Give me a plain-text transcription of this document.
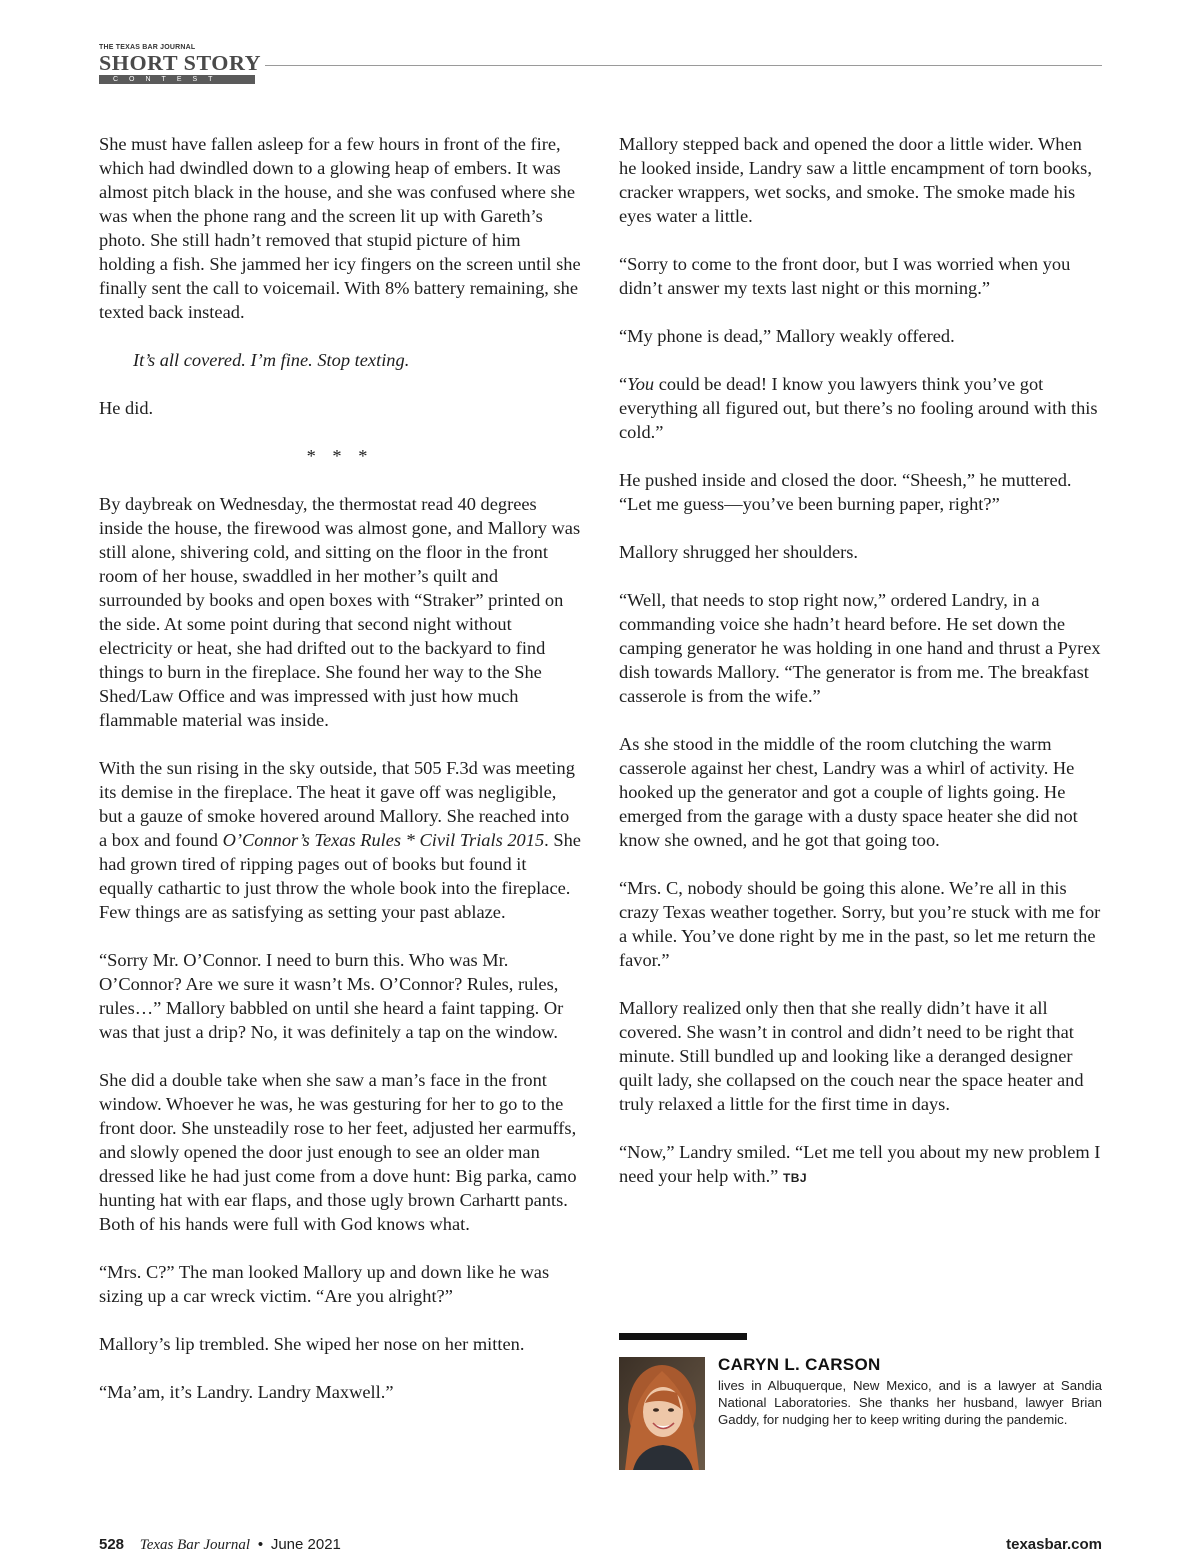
THE TEXAS BAR JOURNAL
SHORT STORY
CONTEST

She must have fallen asleep for a few hours in front of the fire, which had dwindled down to a glowing heap of embers. It was almost pitch black in the house, and she was confused where she was when the phone rang and the screen lit up with Gareth’s photo. She still hadn’t removed that stupid picture of him holding a fish. She jammed her icy fingers on the screen until she finally sent the call to voicemail. With 8% battery remaining, she texted back instead.

It’s all covered. I’m fine. Stop texting.

He did.

* * *

By daybreak on Wednesday, the thermostat read 40 degrees inside the house, the firewood was almost gone, and Mallory was still alone, shivering cold, and sitting on the floor in the front room of her house, swaddled in her mother’s quilt and surrounded by books and open boxes with “Straker” printed on the side. At some point during that second night without electricity or heat, she had drifted out to the backyard to find things to burn in the fireplace. She found her way to the She Shed/Law Office and was impressed with just how much flammable material was inside.

With the sun rising in the sky outside, that 505 F.3d was meeting its demise in the fireplace. The heat it gave off was negligible, but a gauze of smoke hovered around Mallory. She reached into a box and found O’Connor’s Texas Rules * Civil Trials 2015. She had grown tired of ripping pages out of books but found it equally cathartic to just throw the whole book into the fireplace. Few things are as satisfying as setting your past ablaze.

“Sorry Mr. O’Connor. I need to burn this. Who was Mr. O’Connor? Are we sure it wasn’t Ms. O’Connor? Rules, rules, rules…” Mallory babbled on until she heard a faint tapping. Or was that just a drip? No, it was definitely a tap on the window.

She did a double take when she saw a man’s face in the front window. Whoever he was, he was gesturing for her to go to the front door. She unsteadily rose to her feet, adjusted her earmuffs, and slowly opened the door just enough to see an older man dressed like he had just come from a dove hunt: Big parka, camo hunting hat with ear flaps, and those ugly brown Carhartt pants. Both of his hands were full with God knows what.

“Mrs. C?” The man looked Mallory up and down like he was sizing up a car wreck victim. “Are you alright?”

Mallory’s lip trembled. She wiped her nose on her mitten.

“Ma’am, it’s Landry. Landry Maxwell.”

Mallory stepped back and opened the door a little wider. When he looked inside, Landry saw a little encampment of torn books, cracker wrappers, wet socks, and smoke. The smoke made his eyes water a little.

“Sorry to come to the front door, but I was worried when you didn’t answer my texts last night or this morning.”

“My phone is dead,” Mallory weakly offered.

“You could be dead! I know you lawyers think you’ve got everything all figured out, but there’s no fooling around with this cold.”

He pushed inside and closed the door. “Sheesh,” he muttered. “Let me guess—you’ve been burning paper, right?”

Mallory shrugged her shoulders.

“Well, that needs to stop right now,” ordered Landry, in a commanding voice she hadn’t heard before. He set down the camping generator he was holding in one hand and thrust a Pyrex dish towards Mallory. “The generator is from me. The breakfast casserole is from the wife.”

As she stood in the middle of the room clutching the warm casserole against her chest, Landry was a whirl of activity. He hooked up the generator and got a couple of lights going. He emerged from the garage with a dusty space heater she did not know she owned, and he got that going too.

“Mrs. C, nobody should be going this alone. We’re all in this crazy Texas weather together. Sorry, but you’re stuck with me for a while. You’ve done right by me in the past, so let me return the favor.”

Mallory realized only then that she really didn’t have it all covered. She wasn’t in control and didn’t need to be right that minute. Still bundled up and looking like a deranged designer quilt lady, she collapsed on the couch near the space heater and truly relaxed a little for the first time in days.

“Now,” Landry smiled. “Let me tell you about my new problem I need your help with.” TBJ

CARYN L. CARSON
lives in Albuquerque, New Mexico, and is a lawyer at Sandia National Laboratories. She thanks her husband, lawyer Brian Gaddy, for nudging her to keep writing during the pandemic.
528 Texas Bar Journal • June 2021	texasbar.com
